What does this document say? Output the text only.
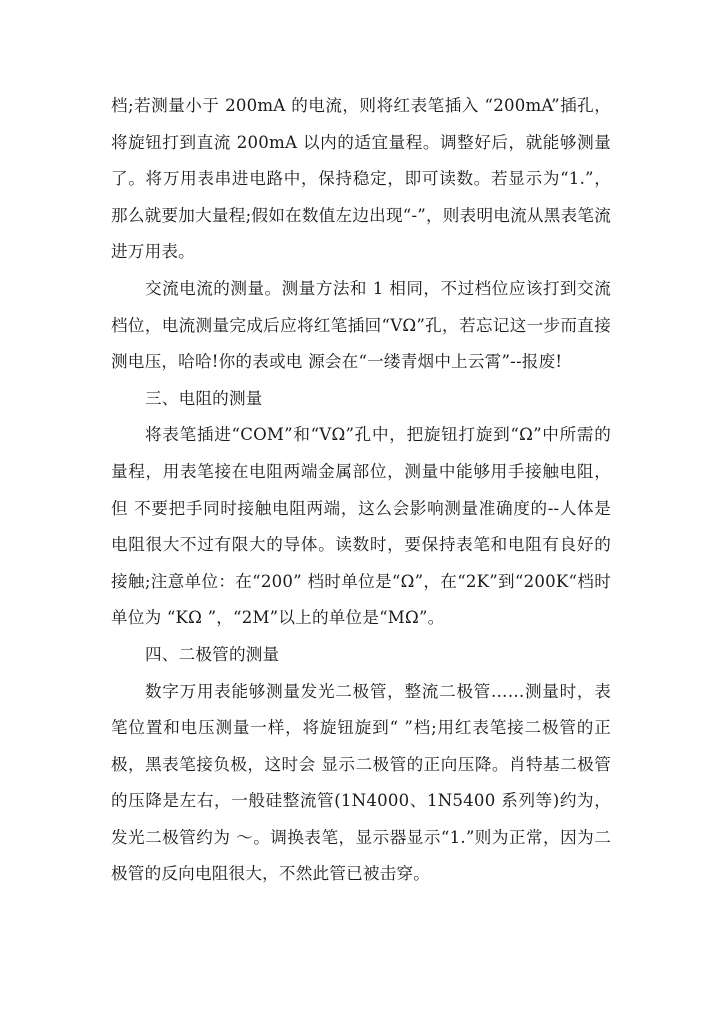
档;若测量小于 200mA 的电流，则将红表笔插入 “200mA”插孔，将旋钮打到直流 200mA 以内的适宜量程。调整好后，就能够测量了。将万用表串进电路中，保持稳定，即可读数。若显示为“1.”，那么就要加大量程;假如在数值左边出现“-”，则表明电流从黑表笔流进万用表。

交流电流的测量。测量方法和 1 相同，不过档位应该打到交流档位，电流测量完成后应将红笔插回“VΩ”孔，若忘记这一步而直接测电压，哈哈!你的表或电 源会在“一缕青烟中上云霄”--报废!

三、电阻的测量

将表笔插进“COM”和“VΩ”孔中，把旋钮打旋到“Ω”中所需的量程，用表笔接在电阻两端金属部位，测量中能够用手接触电阻，但 不要把手同时接触电阻两端，这么会影响测量准确度的--人体是电阻很大不过有限大的导体。读数时，要保持表笔和电阻有良好的接触;注意单位：在“200” 档时单位是“Ω”，在“2K”到“200K“档时单位为 “KΩ ”，“2M”以上的单位是“MΩ”。

四、二极管的测量

数字万用表能够测量发光二极管，整流二极管……测量时，表笔位置和电压测量一样，将旋钮旋到“ ”档;用红表笔接二极管的正极，黑表笔接负极，这时会 显示二极管的正向压降。肖特基二极管的压降是左右，一般硅整流管(1N4000、1N5400 系列等)约为，发光二极管约为 ～。调换表笔，显示器显示“1.”则为正常，因为二极管的反向电阻很大，不然此管已被击穿。
